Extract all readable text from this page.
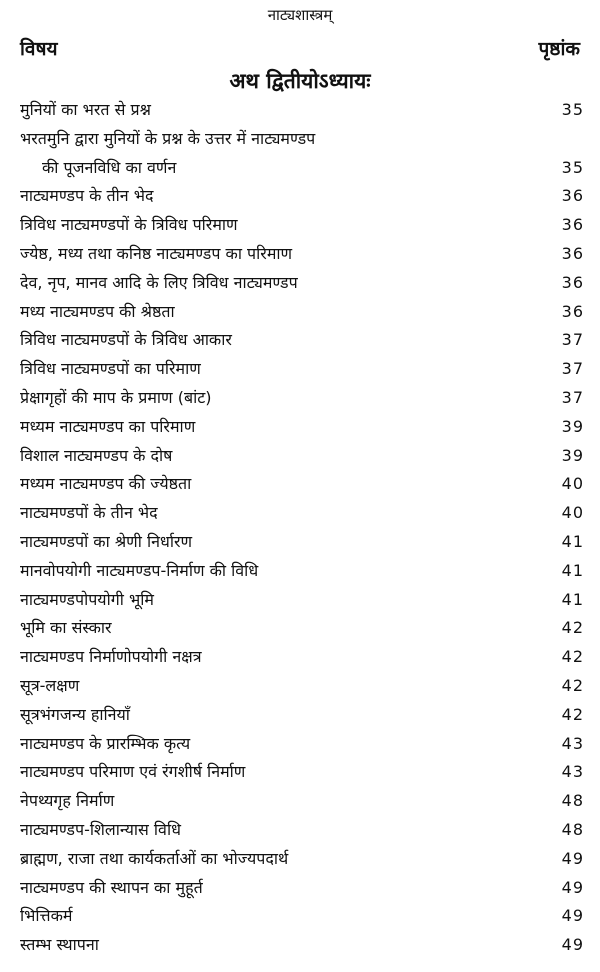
नाट्यशास्त्रम्
विषय	पृष्ठांक
अथ द्वितीयोऽध्यायः
मुनियों का भरत से प्रश्न	35
भरतमुनि द्वारा मुनियों के प्रश्न के उत्तर में नाट्यमण्डप
की पूजनविधि का वर्णन	35
नाट्यमण्डप के तीन भेद	36
त्रिविध नाट्यमण्डपों के त्रिविध परिमाण	36
ज्येष्ठ, मध्य तथा कनिष्ठ नाट्यमण्डप का परिमाण	36
देव, नृप, मानव आदि के लिए त्रिविध नाट्यमण्डप	36
मध्य नाट्यमण्डप की श्रेष्ठता	36
त्रिविध नाट्यमण्डपों के त्रिविध आकार	37
त्रिविध नाट्यमण्डपों का परिमाण	37
प्रेक्षागृहों की माप के प्रमाण (बांट)	37
मध्यम नाट्यमण्डप का परिमाण	39
विशाल नाट्यमण्डप के दोष	39
मध्यम नाट्यमण्डप की ज्येष्ठता	40
नाट्यमण्डपों के तीन भेद	40
नाट्यमण्डपों का श्रेणी निर्धारण	41
मानवोपयोगी नाट्यमण्डप-निर्माण की विधि	41
नाट्यमण्डपोपयोगी भूमि	41
भूमि का संस्कार	42
नाट्यमण्डप निर्माणोपयोगी नक्षत्र	42
सूत्र-लक्षण	42
सूत्रभंगजन्य हानियाँ	42
नाट्यमण्डप के प्रारम्भिक कृत्य	43
नाट्यमण्डप परिमाण एवं रंगशीर्ष निर्माण	43
नेपथ्यगृह निर्माण	48
नाट्यमण्डप-शिलान्यास विधि	48
ब्राह्मण, राजा तथा कार्यकर्ताओं का भोज्यपदार्थ	49
नाट्यमण्डप की स्थापन का मुहूर्त	49
भित्तिकर्म	49
स्तम्भ स्थापना	49
